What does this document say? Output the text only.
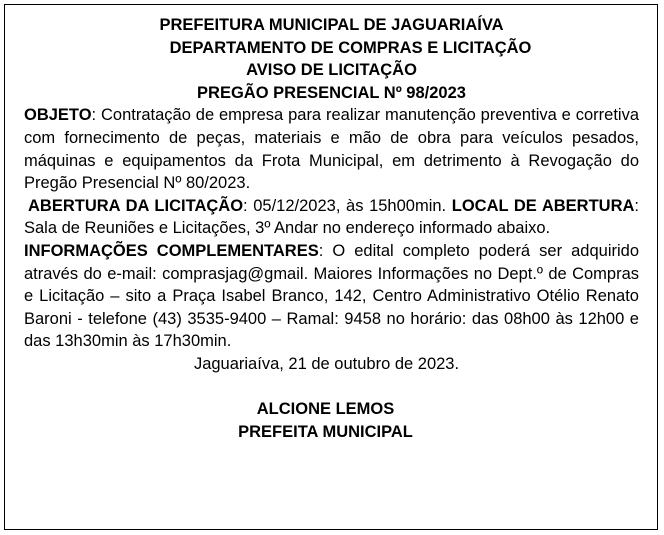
PREFEITURA MUNICIPAL DE JAGUARIAÍVA
DEPARTAMENTO DE COMPRAS E LICITAÇÃO
AVISO DE LICITAÇÃO
PREGÃO PRESENCIAL Nº 98/2023

OBJETO: Contratação de empresa para realizar manutenção preventiva e corretiva com fornecimento de peças, materiais e mão de obra para veículos pesados, máquinas e equipamentos da Frota Municipal, em detrimento à Revogação do Pregão Presencial Nº 80/2023.

ABERTURA DA LICITAÇÃO: 05/12/2023, às 15h00min. LOCAL DE ABERTURA: Sala de Reuniões e Licitações, 3º Andar no endereço informado abaixo.

INFORMAÇÕES COMPLEMENTARES: O edital completo poderá ser adquirido através do e-mail: comprasjag@gmail. Maiores Informações no Dept.º de Compras e Licitação – sito a Praça Isabel Branco, 142, Centro Administrativo Otélio Renato Baroni - telefone (43) 3535-9400 – Ramal: 9458 no horário: das 08h00 às 12h00 e das 13h30min às 17h30min.

Jaguariaíva, 21 de outubro de 2023.
ALCIONE LEMOS
PREFEITA MUNICIPAL
